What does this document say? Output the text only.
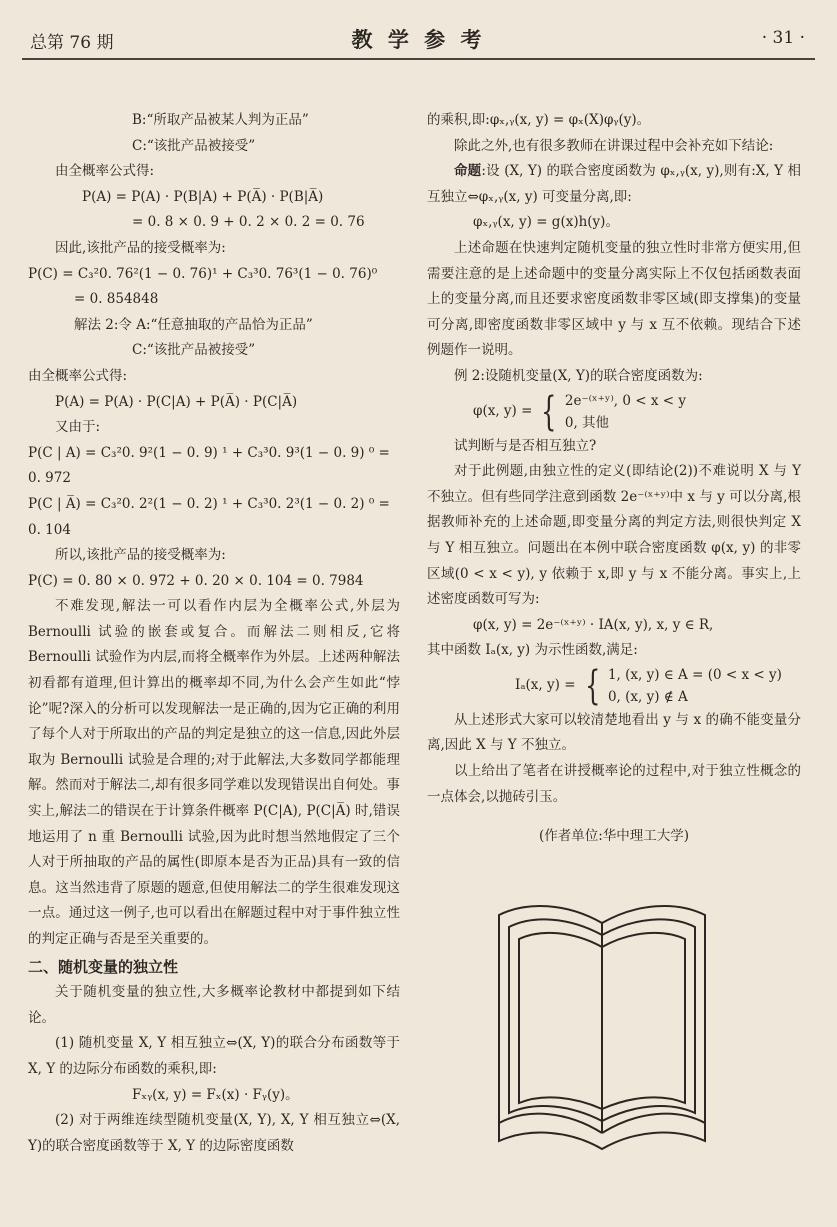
总第 76 期	教 学 参 考	· 31 ·

B:“所取产品被某人判为正品”

C:“该批产品被接受”

由全概率公式得:

P(A) = P(A) · P(B|A) + P(A̅) · P(B|A̅)

= 0. 8 × 0. 9 + 0. 2 × 0. 2 = 0. 76

因此,该批产品的接受概率为:

P(C) = C₃²0. 76²(1 − 0. 76)¹ + C₃³0. 76³(1 − 0. 76)⁰

= 0. 854848

解法 2:令 A:“任意抽取的产品恰为正品”

C:“该批产品被接受”

由全概率公式得:

P(A) = P(A) · P(C|A) + P(A̅) · P(C|A̅)

又由于:

P(C | A) = C₃²0. 9²(1 − 0. 9) ¹ + C₃³0. 9³(1 − 0. 9) ⁰ =

0. 972

P(C | A̅) = C₃²0. 2²(1 − 0. 2) ¹ + C₃³0. 2³(1 − 0. 2) ⁰ =

0. 104

所以,该批产品的接受概率为:

P(C) = 0. 80 × 0. 972 + 0. 20 × 0. 104 = 0. 7984

不难发现,解法一可以看作内层为全概率公式,外层为 Bernoulli 试验的嵌套或复合。而解法二则相反,它将 Bernoulli 试验作为内层,而将全概率作为外层。上述两种解法初看都有道理,但计算出的概率却不同,为什么会产生如此“悖论”呢?深入的分析可以发现解法一是正确的,因为它正确的利用了每个人对于所取出的产品的判定是独立的这一信息,因此外层取为 Bernoulli 试验是合理的;对于此解法,大多数同学都能理解。然而对于解法二,却有很多同学难以发现错误出自何处。事实上,解法二的错误在于计算条件概率 P(C|A), P(C|A̅) 时,错误地运用了 n 重 Bernoulli 试验,因为此时想当然地假定了三个人对于所抽取的产品的属性(即原本是否为正品)具有一致的信息。这当然违背了原题的题意,但使用解法二的学生很难发现这一点。通过这一例子,也可以看出在解题过程中对于事件独立性的判定正确与否是至关重要的。

二、随机变量的独立性

关于随机变量的独立性,大多概率论教材中都提到如下结论。

(1) 随机变量 X, Y 相互独立⇔(X, Y)的联合分布函数等于 X, Y 的边际分布函数的乘积,即:

Fₓᵧ(x, y) = Fₓ(x) · Fᵧ(y)。

(2) 对于两维连续型随机变量(X, Y), X, Y 相互独立⇔(X, Y)的联合密度函数等于 X, Y 的边际密度函数

的乘积,即:φₓ,ᵧ(x, y) = φₓ(X)φᵧ(y)。

除此之外,也有很多教师在讲课过程中会补充如下结论:

命题:设 (X, Y) 的联合密度函数为 φₓ,ᵧ(x, y),则有:X, Y 相互独立⇔φₓ,ᵧ(x, y) 可变量分离,即:

φₓ,ᵧ(x, y) = g(x)h(y)。

上述命题在快速判定随机变量的独立性时非常方便实用,但需要注意的是上述命题中的变量分离实际上不仅包括函数表面上的变量分离,而且还要求密度函数非零区域(即支撑集)的变量可分离,即密度函数非零区域中 y 与 x 互不依赖。现结合下述例题作一说明。

例 2:设随机变量(X, Y)的联合密度函数为:

φ(x, y) = { 2e⁻⁽ˣ⁺ʸ⁾, 0 < x < y
0, 其他

试判断与是否相互独立?

对于此例题,由独立性的定义(即结论(2))不难说明 X 与 Y 不独立。但有些同学注意到函数 2e⁻⁽ˣ⁺ʸ⁾中 x 与 y 可以分离,根据教师补充的上述命题,即变量分离的判定方法,则很快判定 X 与 Y 相互独立。问题出在本例中联合密度函数 φ(x, y) 的非零区域(0 < x < y), y 依赖于 x,即 y 与 x 不能分离。事实上,上述密度函数可写为:

φ(x, y) = 2e⁻⁽ˣ⁺ʸ⁾ · IA(x, y), x, y ∈ R,

其中函数 Iₐ(x, y) 为示性函数,满足:

Iₐ(x, y) = { 1, (x, y) ∈ A = (0 < x < y)
0, (x, y) ∉ A

从上述形式大家可以较清楚地看出 y 与 x 的确不能变量分离,因此 X 与 Y 不独立。

以上给出了笔者在讲授概率论的过程中,对于独立性概念的一点体会,以抛砖引玉。

(作者单位:华中理工大学)
